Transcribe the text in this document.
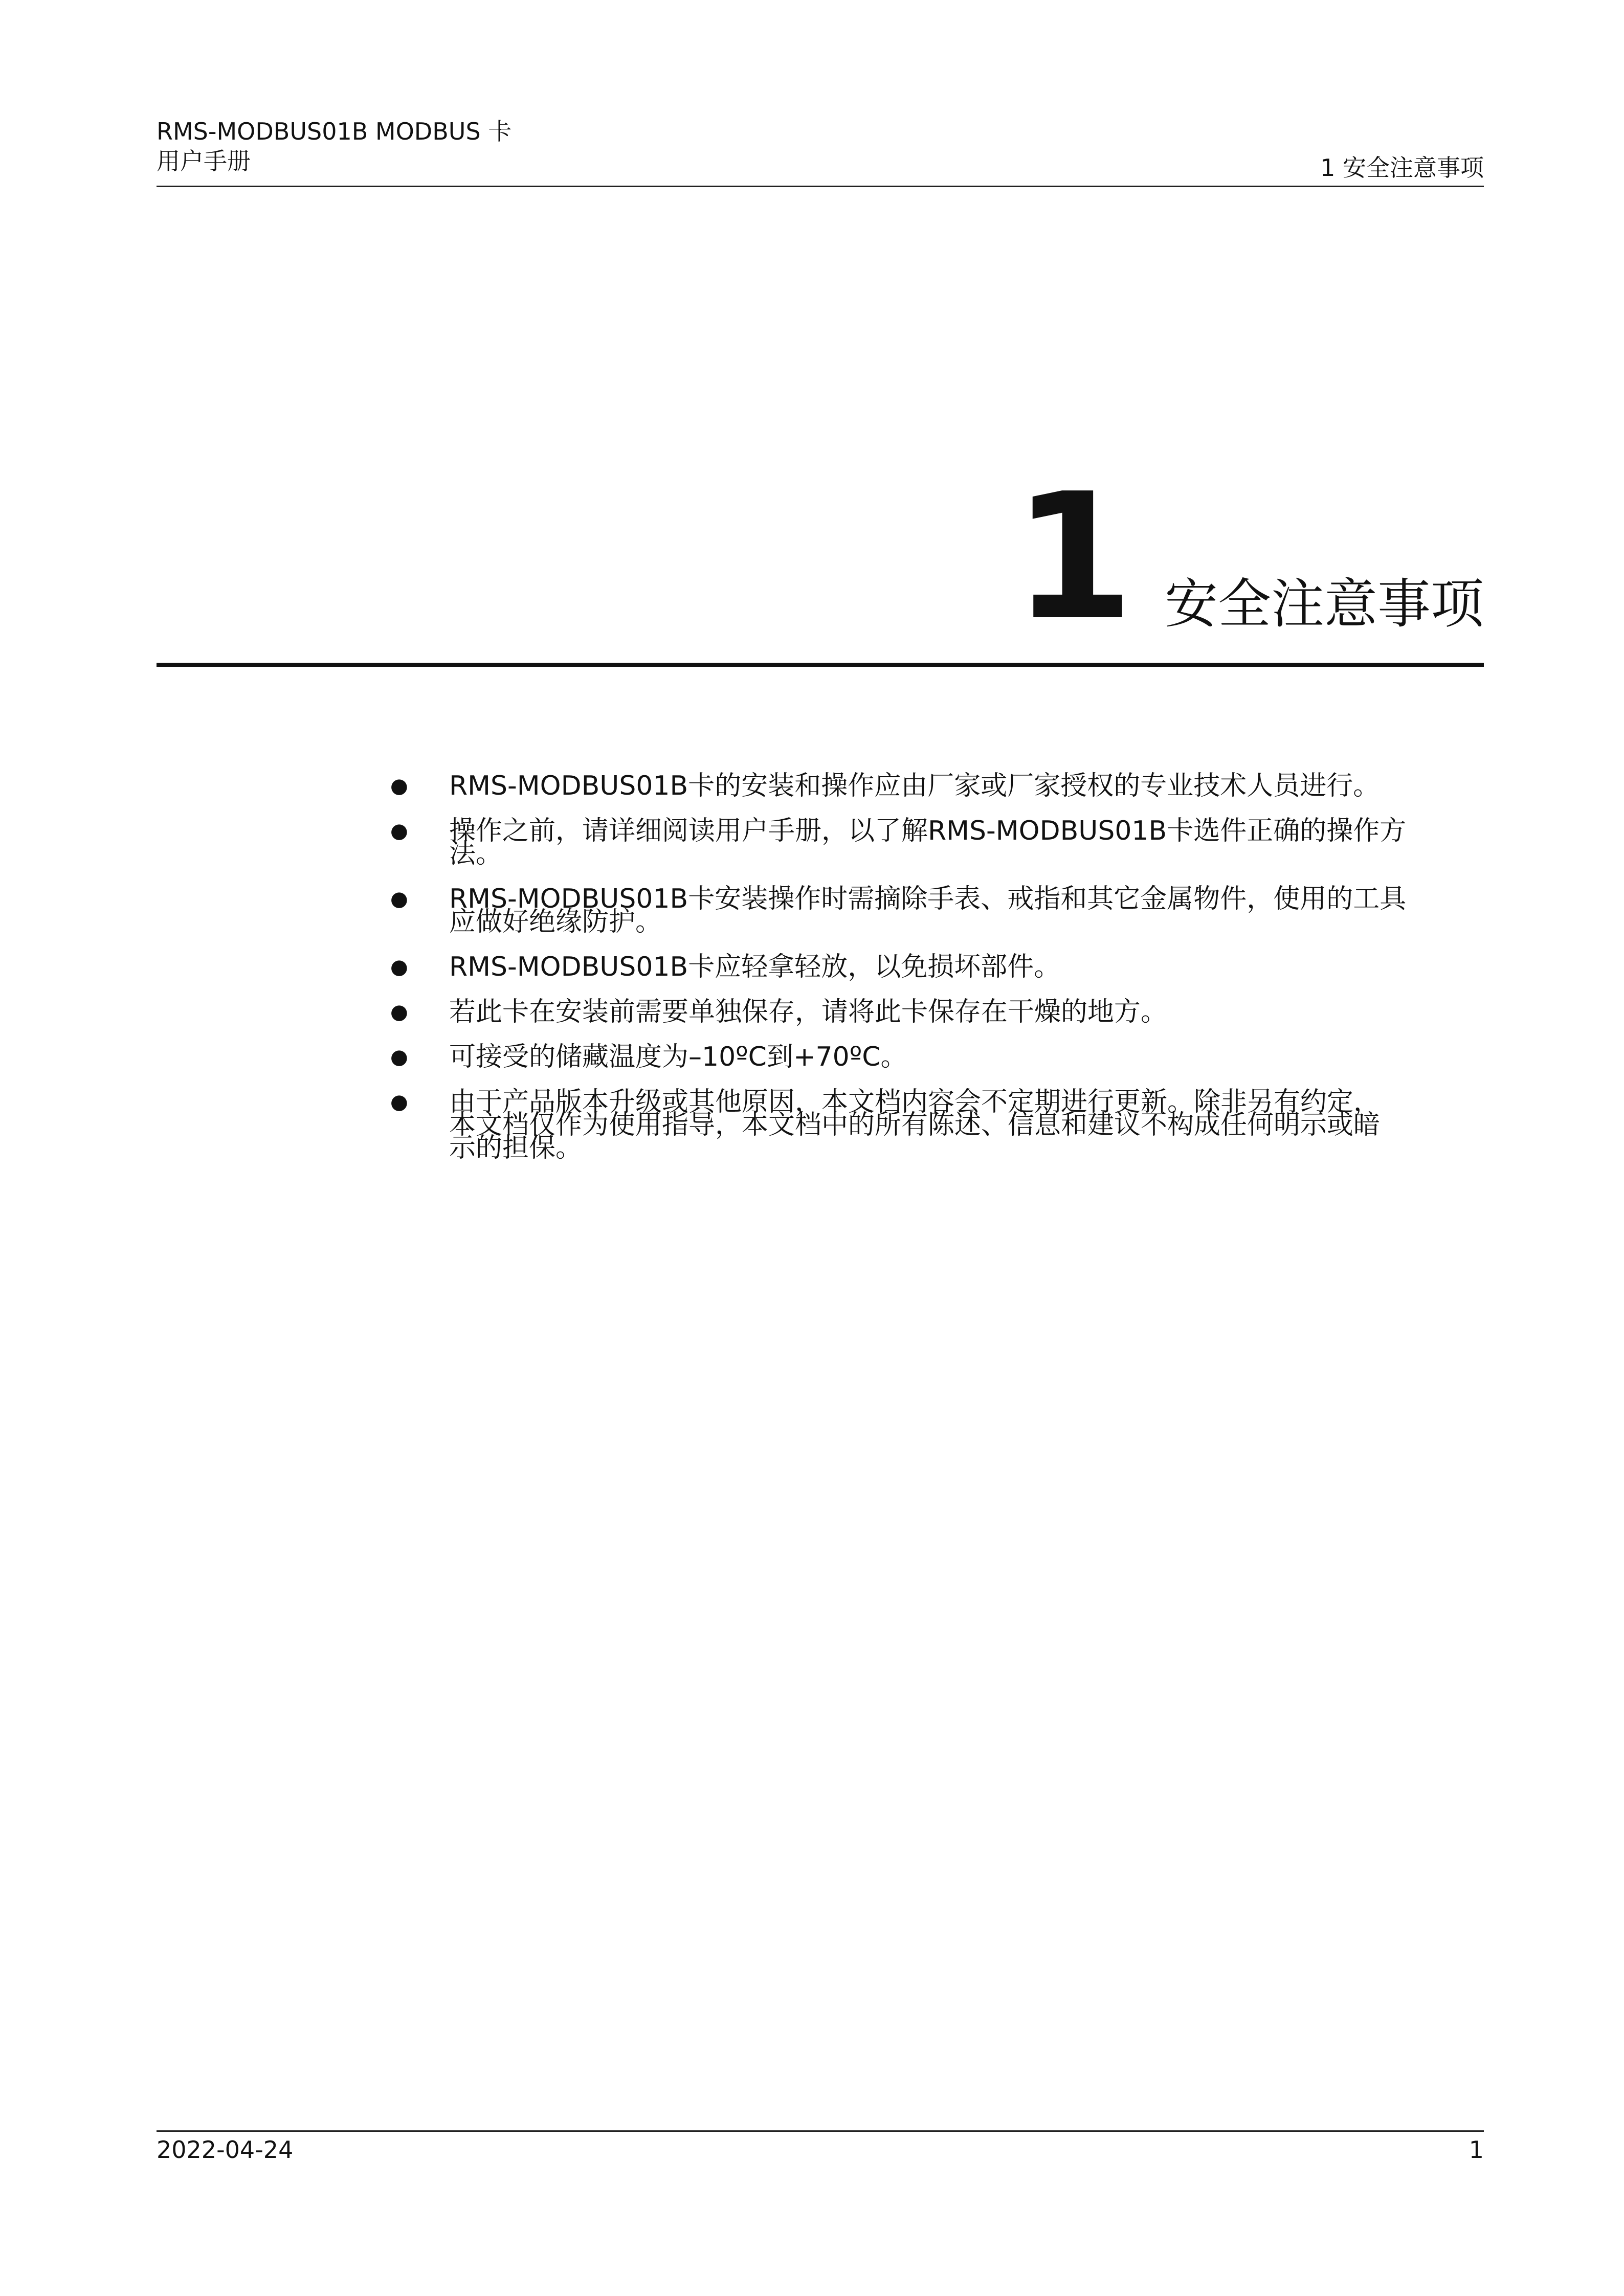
RMS-MODBUS01B MODBUS 卡
用户手册	1 安全注意事项
1 安全注意事项
● RMS-MODBUS01B卡的安装和操作应由厂家或厂家授权的专业技术人员进行。
● 操作之前，请详细阅读用户手册，以了解RMS-MODBUS01B卡选件正确的操作方
法。
● RMS-MODBUS01B卡安装操作时需摘除手表、戒指和其它金属物件，使用的工具
应做好绝缘防护。
● RMS-MODBUS01B卡应轻拿轻放，以免损坏部件。
● 若此卡在安装前需要单独保存，请将此卡保存在干燥的地方。
● 可接受的储藏温度为–10ºC到+70ºC。
● 由于产品版本升级或其他原因，本文档内容会不定期进行更新。除非另有约定，
本文档仅作为使用指导，本文档中的所有陈述、信息和建议不构成任何明示或暗
示的担保。
2022-04-24	1
